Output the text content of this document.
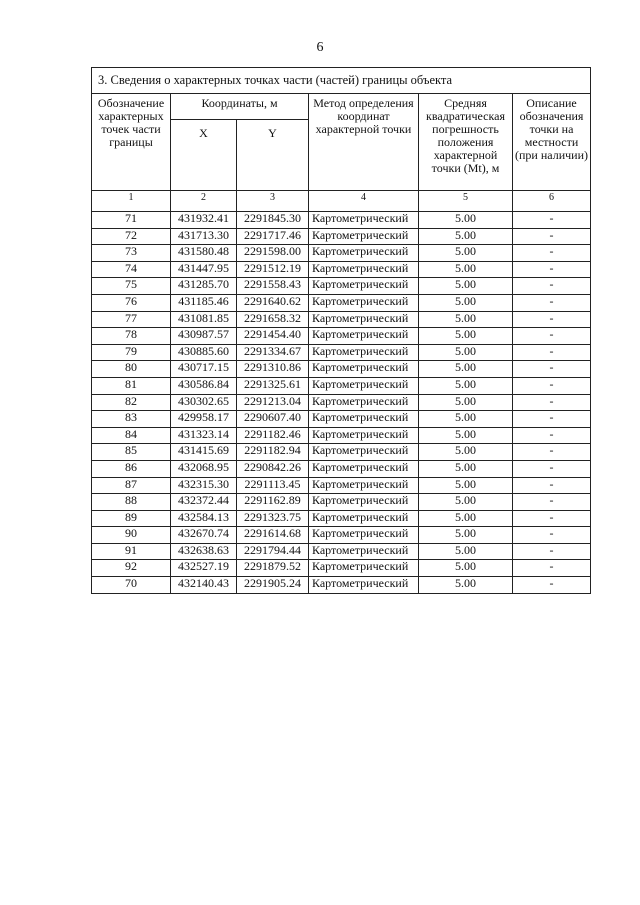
6
3. Сведения о характерных точках части (частей) границы объекта					
Обозначение характерных точек части границы	Координаты, м		Метод определения координат характерной точки	Средняя квадратическая погрешность положения характерной точки (Mt), м	Описание обозначения точки на местности (при наличии)

	X	Y			

1	2	3	4	5	6
71	431932.41	2291845.30	Картометрический	5.00	-
72	431713.30	2291717.46	Картометрический	5.00	-
73	431580.48	2291598.00	Картометрический	5.00	-
74	431447.95	2291512.19	Картометрический	5.00	-
75	431285.70	2291558.43	Картометрический	5.00	-
76	431185.46	2291640.62	Картометрический	5.00	-
77	431081.85	2291658.32	Картометрический	5.00	-
78	430987.57	2291454.40	Картометрический	5.00	-
79	430885.60	2291334.67	Картометрический	5.00	-
80	430717.15	2291310.86	Картометрический	5.00	-
81	430586.84	2291325.61	Картометрический	5.00	-
82	430302.65	2291213.04	Картометрический	5.00	-
83	429958.17	2290607.40	Картометрический	5.00	-
84	431323.14	2291182.46	Картометрический	5.00	-
85	431415.69	2291182.94	Картометрический	5.00	-
86	432068.95	2290842.26	Картометрический	5.00	-
87	432315.30	2291113.45	Картометрический	5.00	-
88	432372.44	2291162.89	Картометрический	5.00	-
89	432584.13	2291323.75	Картометрический	5.00	-
90	432670.74	2291614.68	Картометрический	5.00	-
91	432638.63	2291794.44	Картометрический	5.00	-
92	432527.19	2291879.52	Картометрический	5.00	-
70	432140.43	2291905.24	Картометрический	5.00	-
